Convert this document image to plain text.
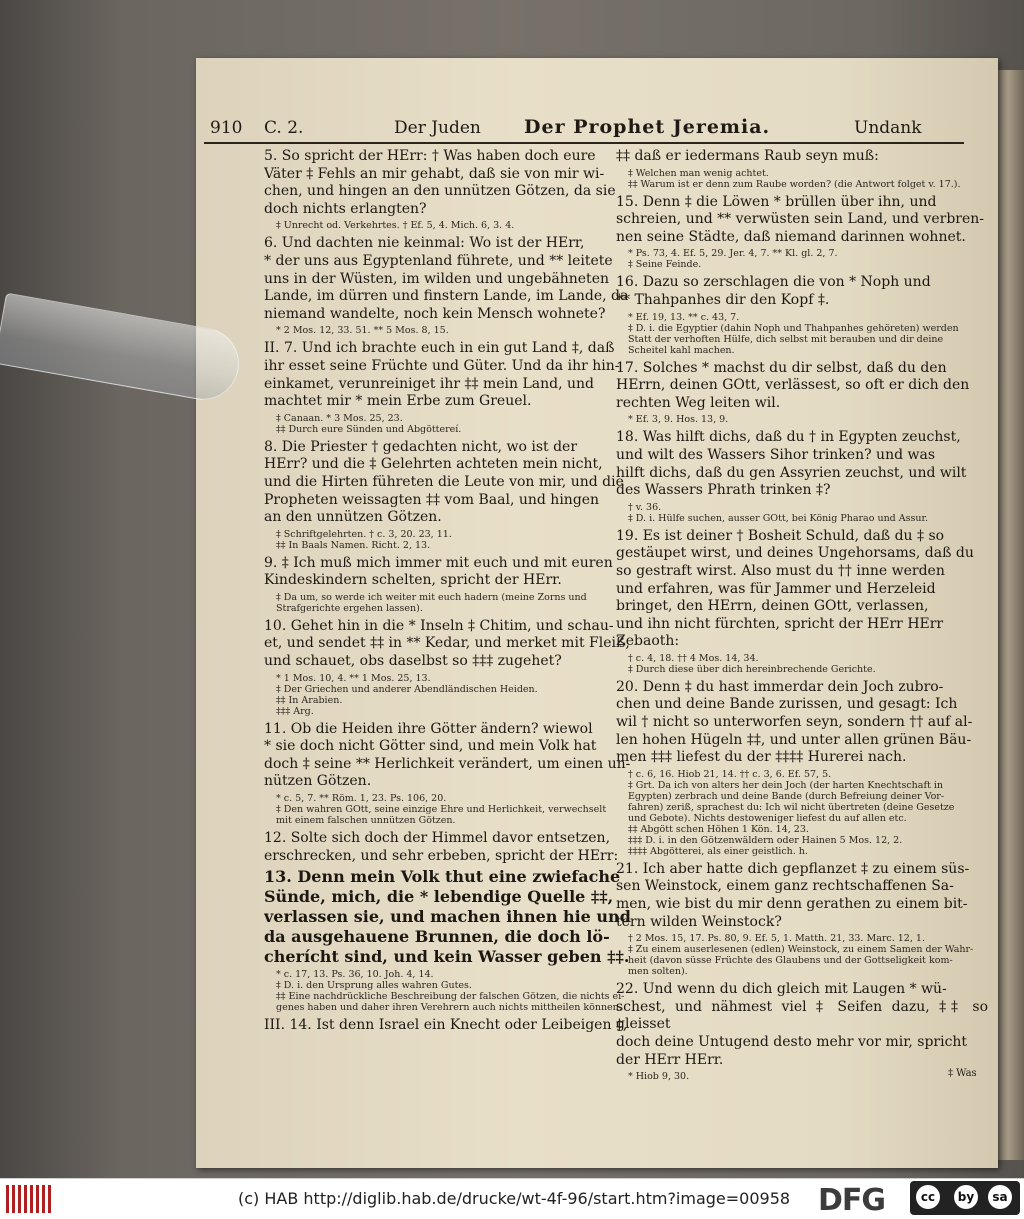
910 C. 2.	Der Juden Der Prophet Jeremia.	Undank

5. So spricht der HErr: † Was haben doch eure
Väter ‡ Fehls an mir gehabt, daß sie von mir wi-
chen, und hingen an den unnützen Götzen, da sie
doch nichts erlangten?

‡ Unrecht od. Verkehrtes. † Ef. 5, 4. Mich. 6, 3. 4.

6. Und dachten nie keinmal: Wo ist der HErr,
* der uns aus Egyptenland führete, und ** leitete
uns in der Wüsten, im wilden und ungebähneten
Lande, im dürren und finstern Lande, im Lande, da
niemand wandelte, noch kein Mensch wohnete?

* 2 Mos. 12, 33. 51. ** 5 Mos. 8, 15.

II. 7. Und ich brachte euch in ein gut Land ‡, daß
ihr esset seine Früchte und Güter. Und da ihr hin-
einkamet, verunreiniget ihr ‡‡ mein Land, und
machtet mir * mein Erbe zum Greuel.

‡ Canaan. * 3 Mos. 25, 23.
‡‡ Durch eure Sünden und Abgöttereí.

8. Die Priester † gedachten nicht, wo ist der
HErr? und die ‡ Gelehrten achteten mein nicht,
und die Hirten führeten die Leute von mir, und die
Propheten weissagten ‡‡ vom Baal, und hingen
an den unnützen Götzen.

‡ Schriftgelehrten. † c. 3, 20. 23, 11.
‡‡ In Baals Namen. Richt. 2, 13.

9. ‡ Ich muß mich immer mit euch und mit euren
Kindeskindern schelten, spricht der HErr.

‡ Da um, so werde ich weiter mit euch hadern (meine Zorns und
Strafgerichte ergehen lassen).

10. Gehet hin in die * Inseln ‡ Chitim, und schau-
et, und sendet ‡‡ in ** Kedar, und merket mit Fleiß,
und schauet, obs daselbst so ‡‡‡ zugehet?

* 1 Mos. 10, 4. ** 1 Mos. 25, 13.
‡ Der Griechen und anderer Abendländischen Heiden.
‡‡ In Arabien.
‡‡‡ Arg.

11. Ob die Heiden ihre Götter ändern? wiewol
* sie doch nicht Götter sind, und mein Volk hat
doch ‡ seine ** Herlichkeit verändert, um einen un-
nützen Götzen.

* c. 5, 7. ** Röm. 1, 23. Ps. 106, 20.
‡ Den wahren GOtt, seine einzige Ehre und Herlichkeit, verwechselt
mit einem falschen unnützen Götzen.

12. Solte sich doch der Himmel davor entsetzen,
erschrecken, und sehr erbeben, spricht der HErr:

13. Denn mein Volk thut eine zwiefache
Sünde, mich, die * lebendige Quelle ‡‡,
verlassen sie, und machen ihnen hie und
da ausgehauene Brunnen, die doch lö-
cherícht sind, und kein Wasser geben ‡‡.

* c. 17, 13. Ps. 36, 10. Joh. 4, 14.
‡ D. i. den Ursprung alles wahren Gutes.
‡‡ Eine nachdrückliche Beschreibung der falschen Götzen, die nichts ei-
genes haben und daher ihren Verehrern auch nichts mittheilen können.

III. 14. Ist denn Israel ein Knecht oder Leibeigen ‡,

‡‡ daß er iedermans Raub seyn muß:

‡ Welchen man wenig achtet.
‡‡ Warum ist er denn zum Raube worden? (die Antwort folget v. 17.).

15. Denn ‡ die Löwen * brüllen über ihn, und
schreien, und ** verwüsten sein Land, und verbren-
nen seine Städte, daß niemand darinnen wohnet.

* Ps. 73, 4. Ef. 5, 29. Jer. 4, 7. ** Kl. gl. 2, 7.
‡ Seine Feinde.

16. Dazu so zerschlagen die von * Noph und
** Thahpanhes dir den Kopf ‡.

* Ef. 19, 13. ** c. 43, 7.
‡ D. i. die Egyptier (dahin Noph und Thahpanhes gehöreten) werden
Statt der verhoften Hülfe, dich selbst mit berauben und dir deine
Scheitel kahl machen.

17. Solches * machst du dir selbst, daß du den
HErrn, deinen GOtt, verlässest, so oft er dich den
rechten Weg leiten wil.

* Ef. 3, 9. Hos. 13, 9.

18. Was hilft dichs, daß du † in Egypten zeuchst,
und wilt des Wassers Sihor trinken? und was
hilft dichs, daß du gen Assyrien zeuchst, und wilt
des Wassers Phrath trinken ‡?

† v. 36.
‡ D. i. Hülfe suchen, ausser GOtt, bei König Pharao und Assur.

19. Es ist deiner † Bosheit Schuld, daß du ‡ so
gestäupet wirst, und deines Ungehorsams, daß du
so gestraft wirst. Also must du †† inne werden
und erfahren, was für Jammer und Herzeleid
bringet, den HErrn, deinen GOtt, verlassen,
und ihn nicht fürchten, spricht der HErr HErr
Zebaoth:

† c. 4, 18. †† 4 Mos. 14, 34.
‡ Durch diese über dich hereinbrechende Gerichte.

20. Denn ‡ du hast immerdar dein Joch zubro-
chen und deine Bande zurissen, und gesagt: Ich
wil † nicht so unterworfen seyn, sondern †† auf al-
len hohen Hügeln ‡‡, und unter allen grünen Bäu-
men ‡‡‡ liefest du der ‡‡‡‡ Hurerei nach.

† c. 6, 16. Hiob 21, 14. †† c. 3, 6. Ef. 57, 5.
‡ Grt. Da ich von alters her dein Joch (der harten Knechtschaft in
Egypten) zerbrach und deine Bande (durch Befreiung deiner Vor-
fahren) zeriß, sprachest du: Ich wil nicht übertreten (deine Gesetze
und Gebote). Nichts destoweniger liefest du auf allen etc.
‡‡ Abgött schen Höhen 1 Kön. 14, 23.
‡‡‡ D. i. in den Götzenwäldern oder Hainen 5 Mos. 12, 2.
‡‡‡‡ Abgötterei, als einer geistlich. h.

21. Ich aber hatte dich gepflanzet ‡ zu einem süs-
sen Weinstock, einem ganz rechtschaffenen Sa-
men, wie bist du mir denn gerathen zu einem bit-
tern wilden Weinstock?

† 2 Mos. 15, 17. Ps. 80, 9. Ef. 5, 1. Matth. 21, 33. Marc. 12, 1.
‡ Zu einem auserlesenen (edlen) Weinstock, zu einem Samen der Wahr-
heit (davon süsse Früchte des Glaubens und der Gottseligkeit kom-
men solten).

22. Und wenn du dich gleich mit Laugen * wü-
schest, und nähmest viel ‡ Seifen dazu, ‡‡ so gleisset
doch deine Untugend desto mehr vor mir, spricht
der HErr HErr.

* Hiob 9, 30.	‡ Was
(c) HAB http://diglib.hab.de/drucke/wt-4f-96/start.htm?image=00958 DFG	cc	by	sa
